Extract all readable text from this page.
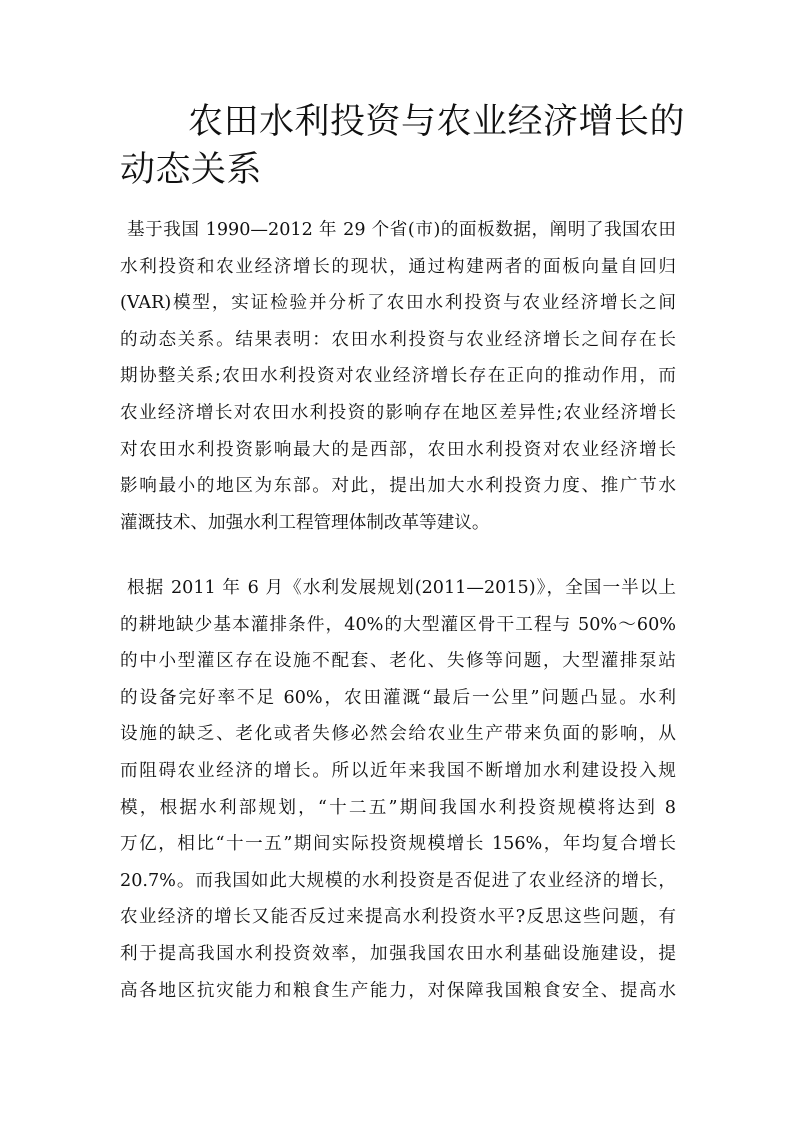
农田水利投资与农业经济增长的
动态关系
基于我国 1990—2012 年 29 个省(市)的面板数据，阐明了我国农田
水利投资和农业经济增长的现状，通过构建两者的面板向量自回归
(VAR)模型，实证检验并分析了农田水利投资与农业经济增长之间
的动态关系。结果表明：农田水利投资与农业经济增长之间存在长
期协整关系;农田水利投资对农业经济增长存在正向的推动作用，而
农业经济增长对农田水利投资的影响存在地区差异性;农业经济增长
对农田水利投资影响最大的是西部，农田水利投资对农业经济增长
影响最小的地区为东部。对此，提出加大水利投资力度、推广节水
灌溉技术、加强水利工程管理体制改革等建议。
根据 2011 年 6 月《水利发展规划(2011—2015)》，全国一半以上
的耕地缺少基本灌排条件，40%的大型灌区骨干工程与 50%～60%
的中小型灌区存在设施不配套、老化、失修等问题，大型灌排泵站
的设备完好率不足 60%，农田灌溉“最后一公里”问题凸显。水利
设施的缺乏、老化或者失修必然会给农业生产带来负面的影响，从
而阻碍农业经济的增长。所以近年来我国不断增加水利建设投入规
模，根据水利部规划，“十二五”期间我国水利投资规模将达到 8
万亿，相比“十一五”期间实际投资规模增长 156%，年均复合增长
20.7%。而我国如此大规模的水利投资是否促进了农业经济的增长，
农业经济的增长又能否反过来提高水利投资水平?反思这些问题，有
利于提高我国水利投资效率，加强我国农田水利基础设施建设，提
高各地区抗灾能力和粮食生产能力，对保障我国粮食安全、提高水
